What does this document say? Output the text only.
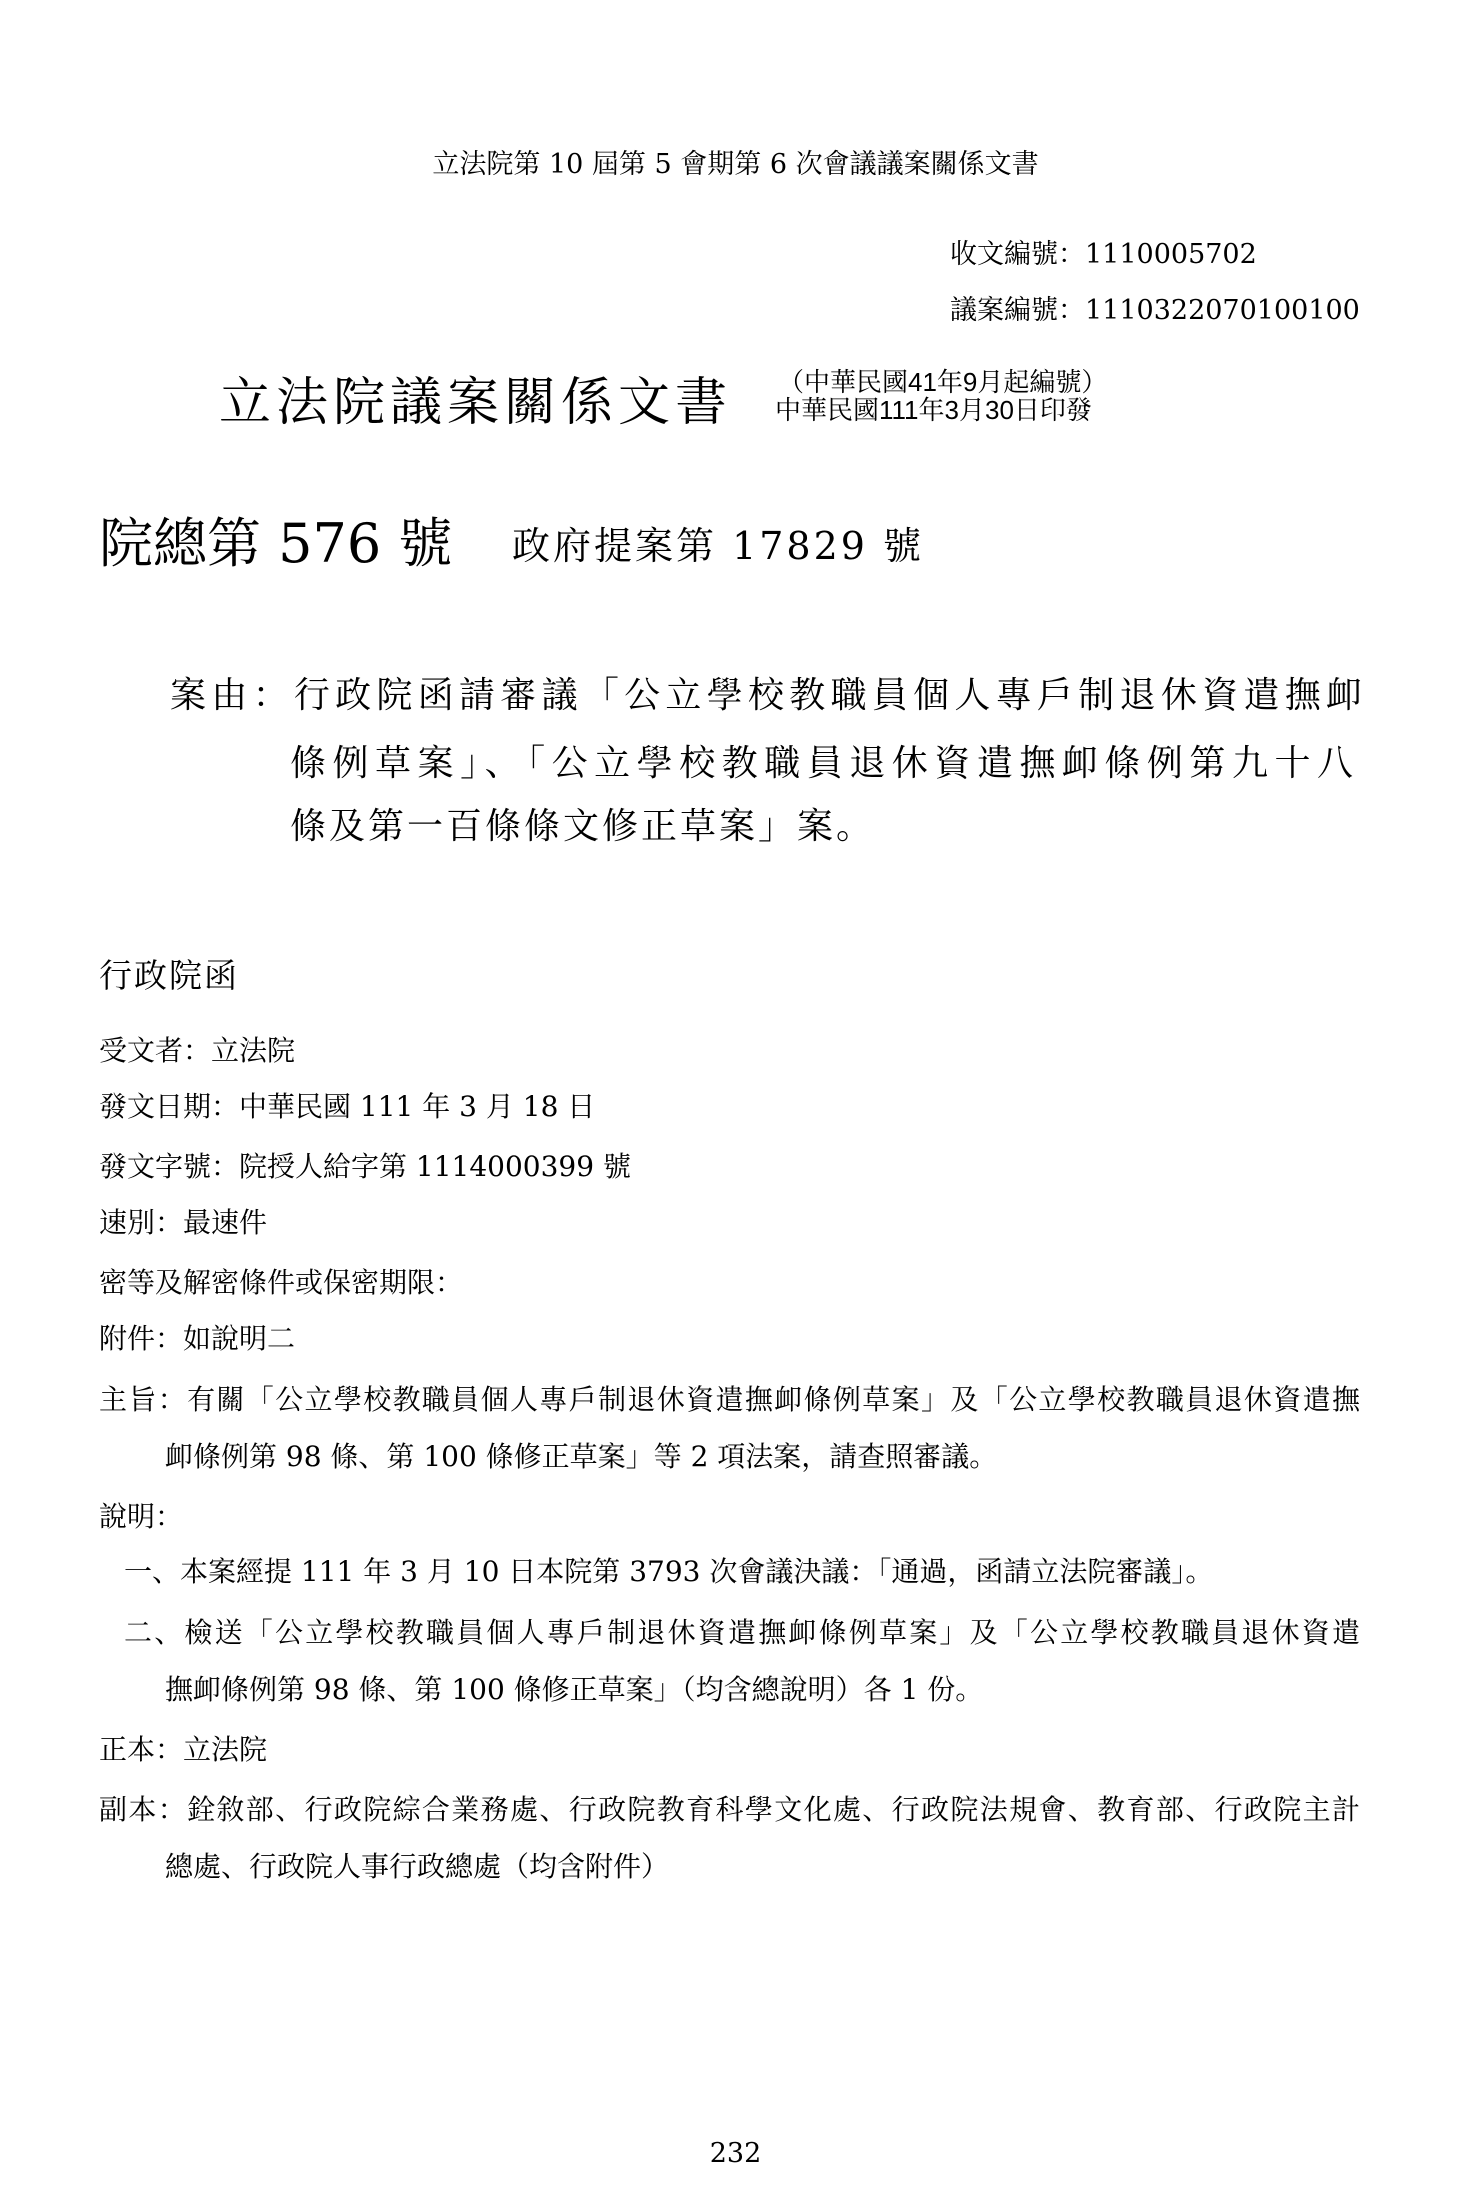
立法院第 10 屆第 5 會期第 6 次會議議案關係文書
收文編號：1110005702
議案編號：1110322070100100
立法院議案關係文書 （中華民國41年9月起編號）
中華民國111年3月30日印發
院總第 576 號 政府提案第 17829 號
案由：行政院函請審議「公立學校教職員個人專戶制退休資遣撫卹
條例草案」、「公立學校教職員退休資遣撫卹條例第九十八
條及第一百條條文修正草案」案。
行政院函
受文者：立法院
發文日期：中華民國 111 年 3 月 18 日
發文字號：院授人給字第 1114000399 號
速別：最速件
密等及解密條件或保密期限：
附件：如說明二
主旨：有關「公立學校教職員個人專戶制退休資遣撫卹條例草案」及「公立學校教職員退休資遣撫
卹條例第 98 條、第 100 條修正草案」等 2 項法案，請查照審議。
說明：
一、本案經提 111 年 3 月 10 日本院第 3793 次會議決議：「通過，函請立法院審議」。
二、檢送「公立學校教職員個人專戶制退休資遣撫卹條例草案」及「公立學校教職員退休資遣
撫卹條例第 98 條、第 100 條修正草案」（均含總說明）各 1 份。
正本：立法院
副本：銓敘部、行政院綜合業務處、行政院教育科學文化處、行政院法規會、教育部、行政院主計
總處、行政院人事行政總處（均含附件）
232
